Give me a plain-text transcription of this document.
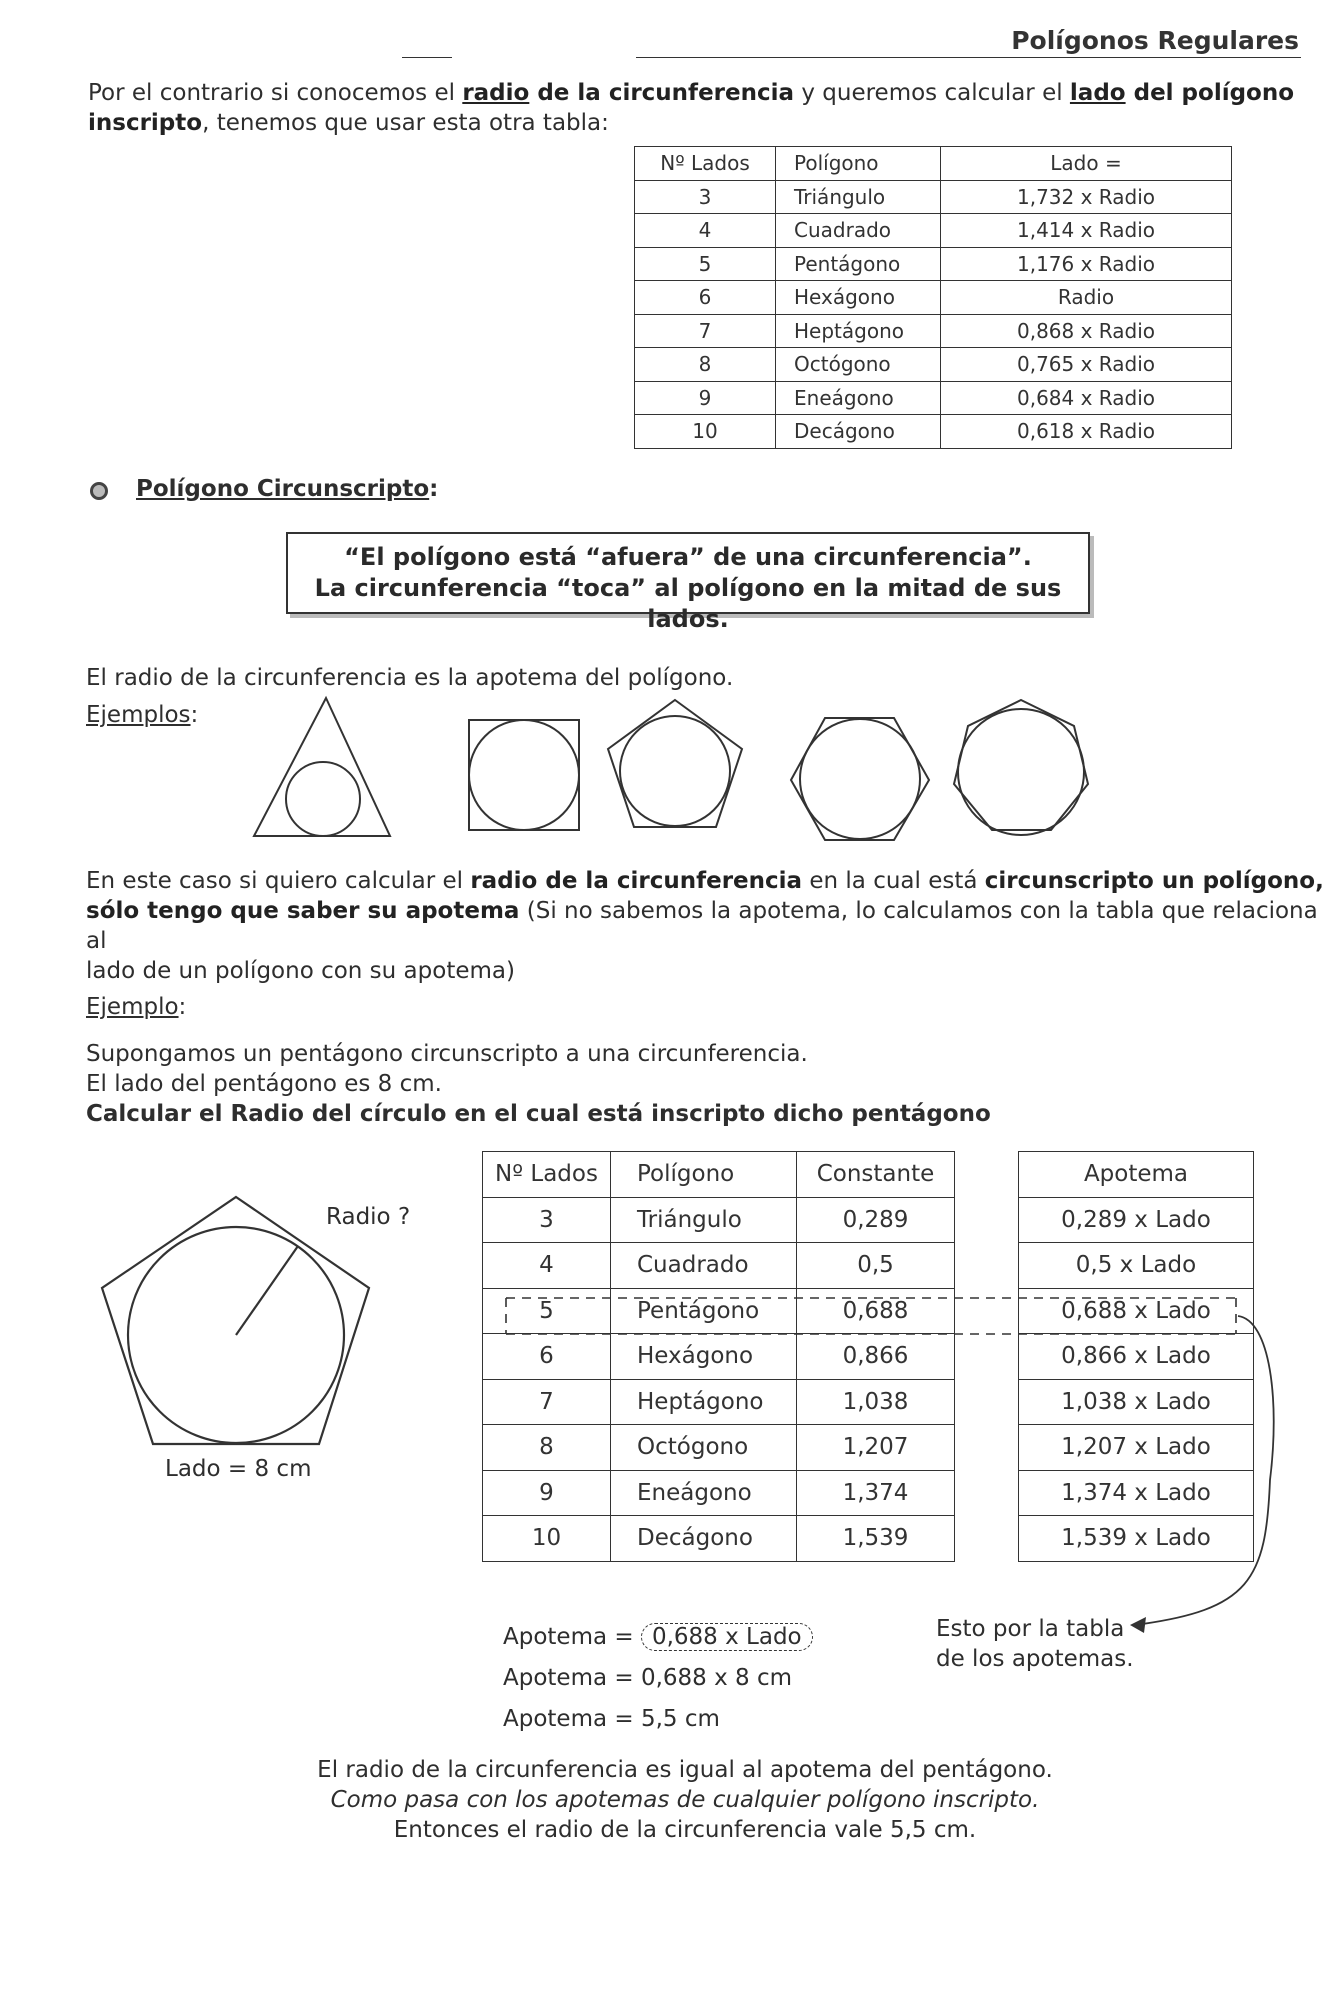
Polígonos Regulares
Por el contrario si conocemos el radio de la circunferencia y queremos calcular el lado del polígono
inscripto, tenemos que usar esta otra tabla:
Nº Lados	Polígono	Lado =
3	Triángulo	1,732 x Radio
4	Cuadrado	1,414 x Radio
5	Pentágono	1,176 x Radio
6	Hexágono	Radio
7	Heptágono	0,868 x Radio
8	Octógono	0,765 x Radio
9	Eneágono	0,684 x Radio
10	Decágono	0,618 x Radio
Polígono Circunscripto:
“El polígono está “afuera” de una circunferencia”.
La circunferencia “toca” al polígono en la mitad de sus lados.
El radio de la circunferencia es la apotema del polígono.
Ejemplos:
En este caso si quiero calcular el radio de la circunferencia en la cual está circunscripto un polígono,
sólo tengo que saber su apotema (Si no sabemos la apotema, lo calculamos con la tabla que relaciona al
lado de un polígono con su apotema)
Ejemplo:
Supongamos un pentágono circunscripto a una circunferencia.
El lado del pentágono es 8 cm.
Calcular el Radio del círculo en el cual está inscripto dicho pentágono
Radio ?
Lado = 8 cm
Nº Lados	Polígono	Constante
3	Triángulo	0,289
4	Cuadrado	0,5
5	Pentágono	0,688
6	Hexágono	0,866
7	Heptágono	1,038
8	Octógono	1,207
9	Eneágono	1,374
10	Decágono	1,539
Apotema
0,289 x Lado
0,5 x Lado
0,688 x Lado
0,866 x Lado
1,038 x Lado
1,207 x Lado
1,374 x Lado
1,539 x Lado
Apotema = 0,688 x Lado
Apotema = 0,688 x 8 cm
Apotema = 5,5 cm
Esto por la tabla
de los apotemas.
El radio de la circunferencia es igual al apotema del pentágono.
Como pasa con los apotemas de cualquier polígono inscripto.
Entonces el radio de la circunferencia vale 5,5 cm.
